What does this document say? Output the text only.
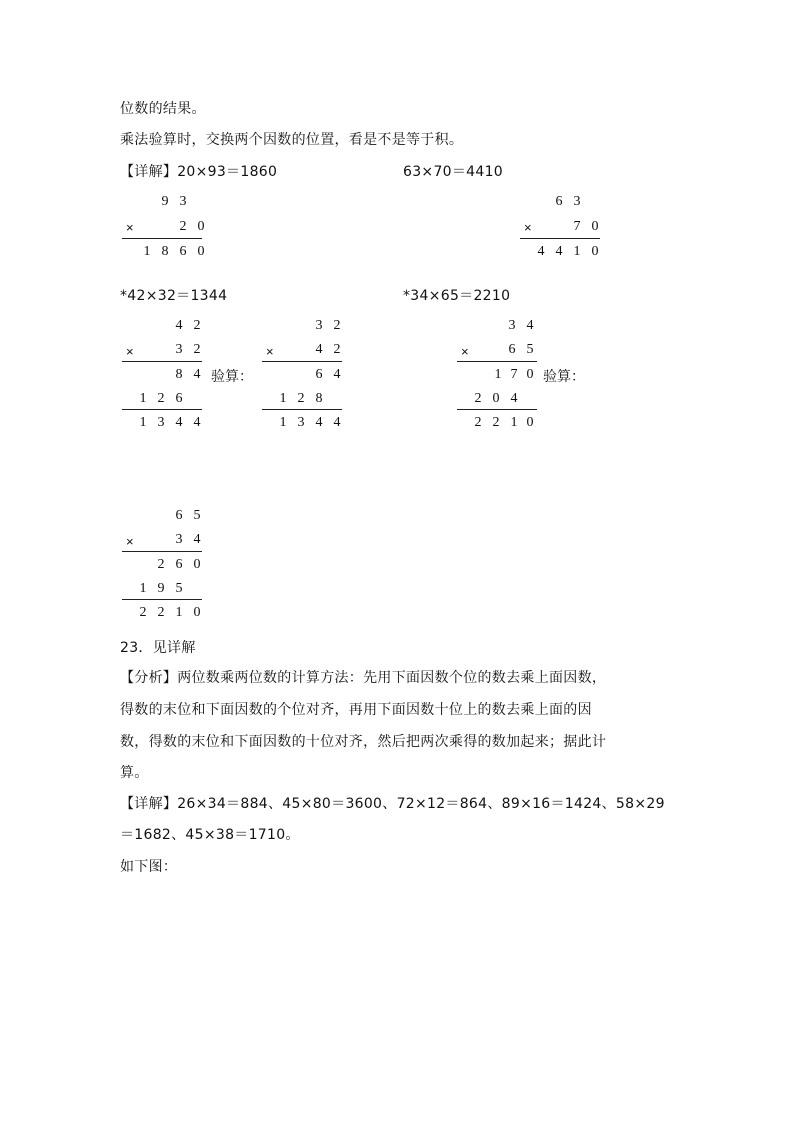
位数的结果。
乘法验算时，交换两个因数的位置，看是不是等于积。
【详解】20×93＝1860	63×70＝4410
9 3
×	2 0
1 8 6 0
6 3
×	7 0
4 4 1 0
*42×32＝1344	*34×65＝2210
4 2
×	3 2
8 4
1 2 6
1 3 4 4
验算：
3 2
×	4 2
6 4
1 2 8
1 3 4 4
3 4
×	6 5
1 7 0
2 0 4
2 2 1 0
验算：
6 5
×	3 4
2 6 0
1 9 5
2 2 1 0
23．见详解
【分析】两位数乘两位数的计算方法：先用下面因数个位的数去乘上面因数，
得数的末位和下面因数的个位对齐，再用下面因数十位上的数去乘上面的因
数，得数的末位和下面因数的十位对齐，然后把两次乘得的数加起来；据此计
算。
【详解】26×34＝884、45×80＝3600、72×12＝864、89×16＝1424、58×29
＝1682、45×38＝1710。
如下图：
